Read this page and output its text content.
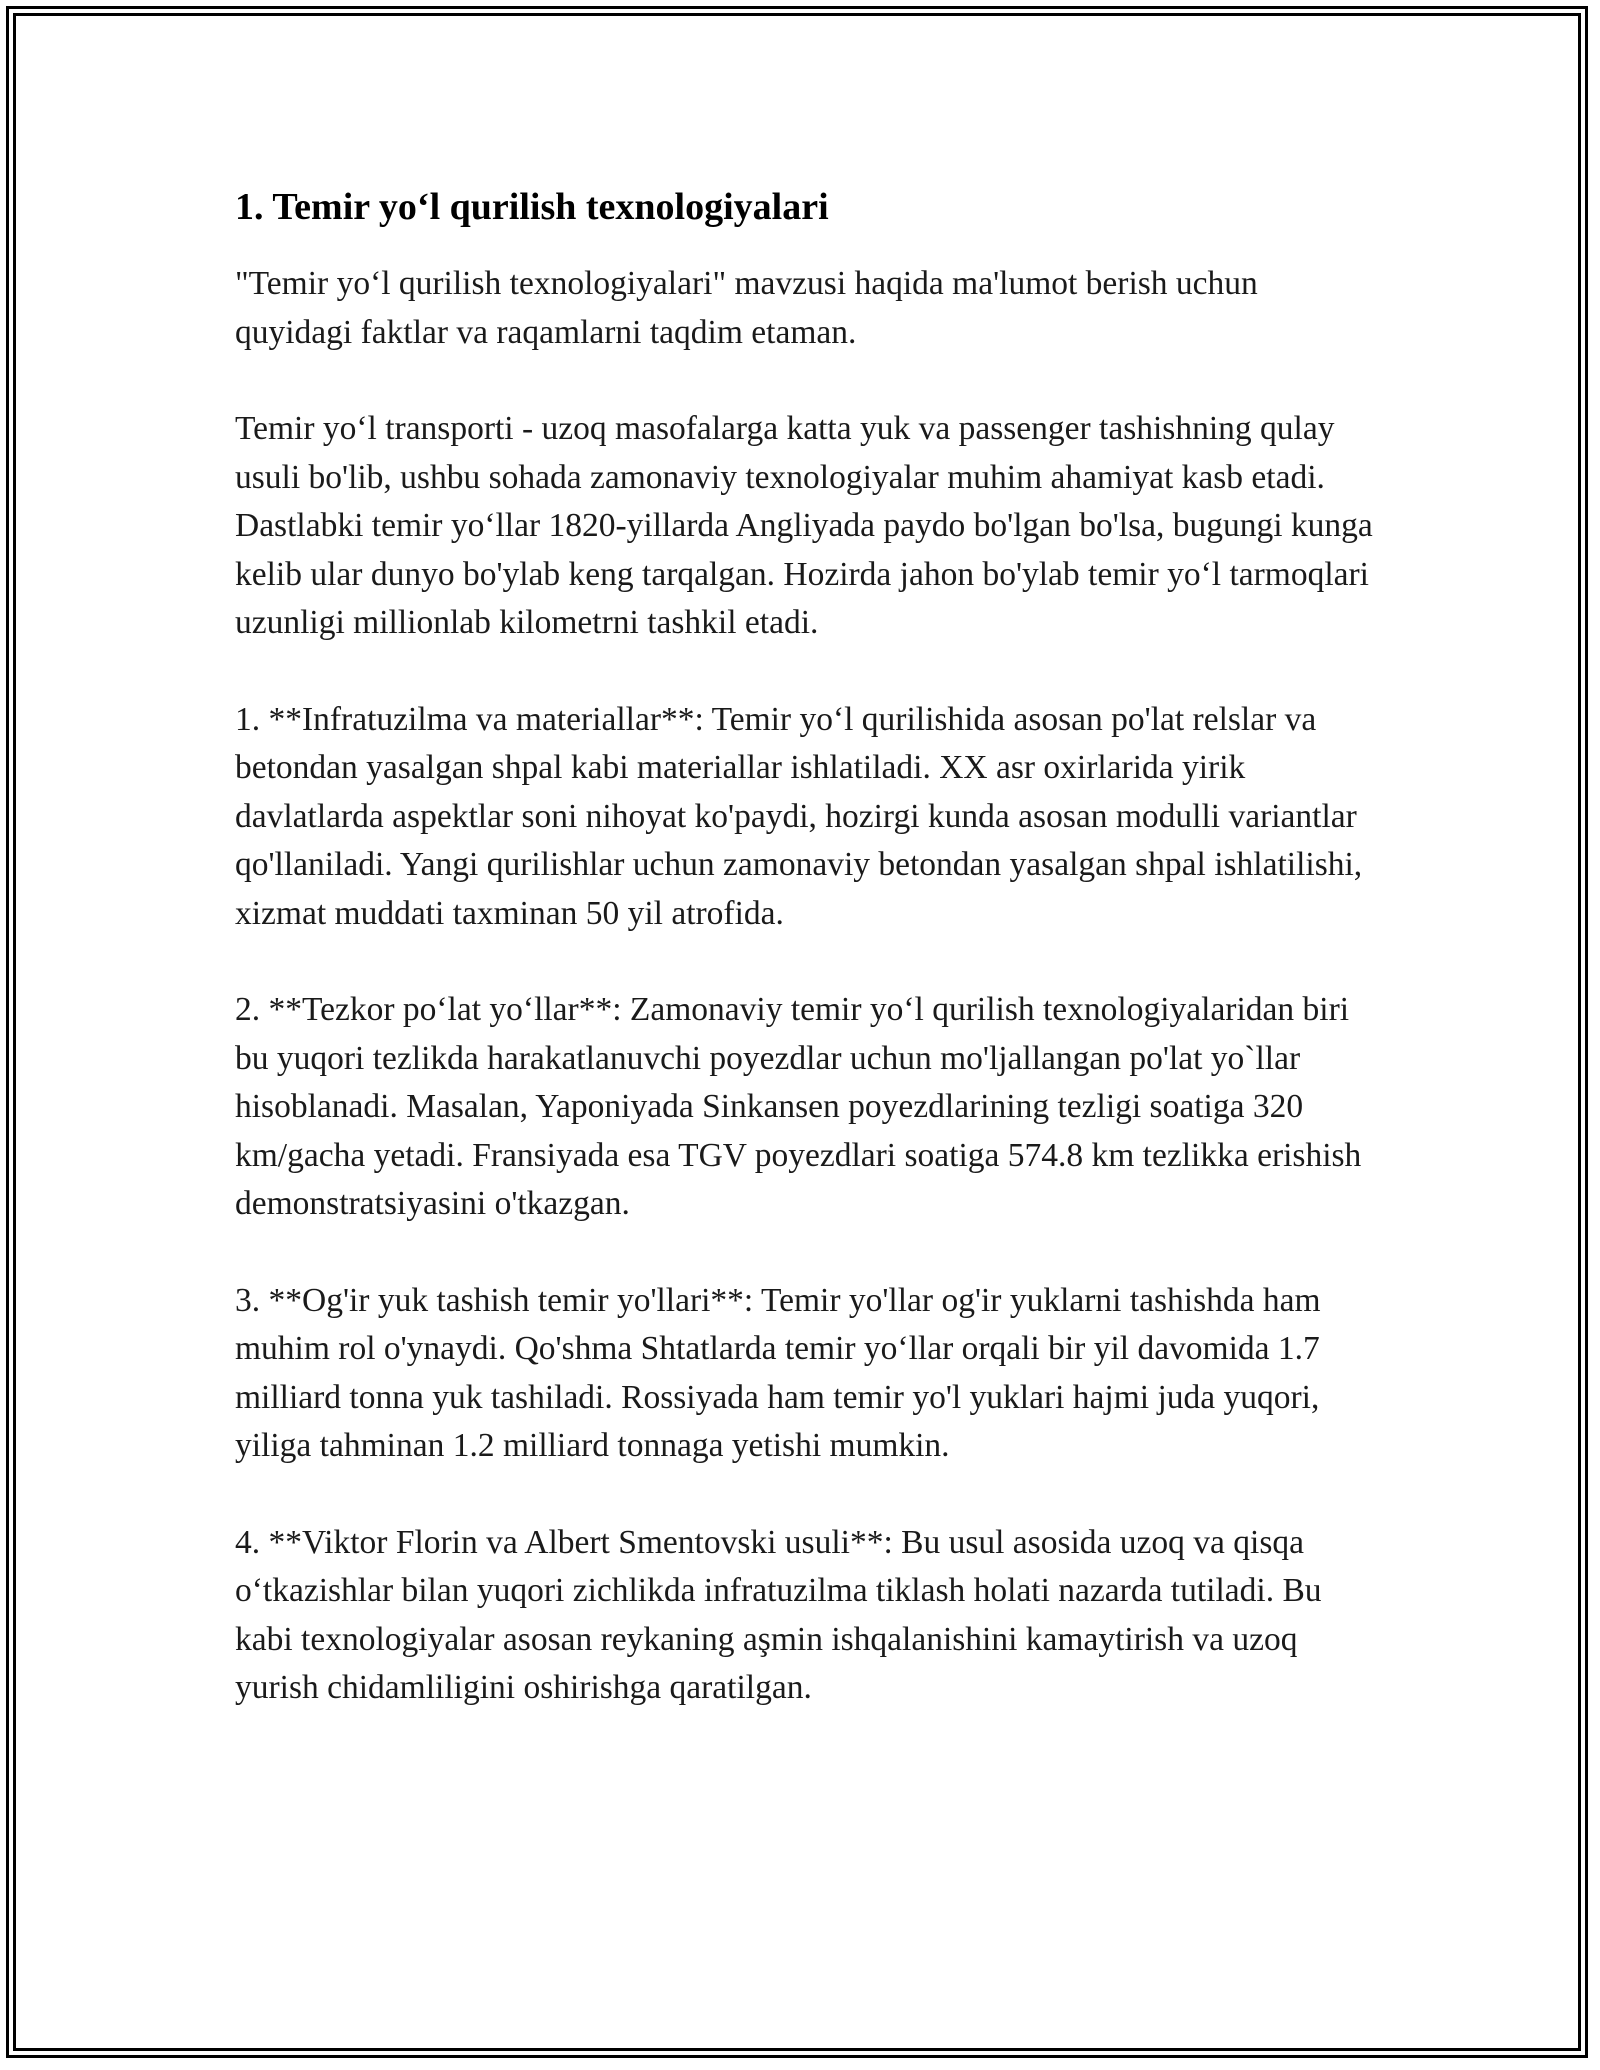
1. Temir yo‘l qurilish texnologiyalari

"Temir yo‘l qurilish texnologiyalari" mavzusi haqida ma'lumot berish uchun quyidagi faktlar va raqamlarni taqdim etaman.

Temir yo‘l transporti - uzoq masofalarga katta yuk va passenger tashishning qulay usuli bo'lib, ushbu sohada zamonaviy texnologiyalar muhim ahamiyat kasb etadi. Dastlabki temir yo‘llar 1820-yillarda Angliyada paydo bo'lgan bo'lsa, bugungi kunga kelib ular dunyo bo'ylab keng tarqalgan. Hozirda jahon bo'ylab temir yo‘l tarmoqlari uzunligi millionlab kilometrni tashkil etadi.

1. **Infratuzilma va materiallar**: Temir yo‘l qurilishida asosan po'lat relslar va betondan yasalgan shpal kabi materiallar ishlatiladi. XX asr oxirlarida yirik davlatlarda aspektlar soni nihoyat ko'paydi, hozirgi kunda asosan modulli variantlar qo'llaniladi. Yangi qurilishlar uchun zamonaviy betondan yasalgan shpal ishlatilishi, xizmat muddati taxminan 50 yil atrofida.

2. **Tezkor po‘lat yo‘llar**: Zamonaviy temir yo‘l qurilish texnologiyalaridan biri bu yuqori tezlikda harakatlanuvchi poyezdlar uchun mo'ljallangan po'lat yo`llar hisoblanadi. Masalan, Yaponiyada Sinkansen poyezdlarining tezligi soatiga 320 km/gacha yetadi. Fransiyada esa TGV poyezdlari soatiga 574.8 km tezlikka erishish demonstratsiyasini o'tkazgan.

3. **Og'ir yuk tashish temir yo'llari**: Temir yo'llar og'ir yuklarni tashishda ham muhim rol o'ynaydi. Qo'shma Shtatlarda temir yo‘llar orqali bir yil davomida 1.7 milliard tonna yuk tashiladi. Rossiyada ham temir yo'l yuklari hajmi juda yuqori, yiliga tahminan 1.2 milliard tonnaga yetishi mumkin.

4. **Viktor Florin va Albert Smentovski usuli**: Bu usul asosida uzoq va qisqa o‘tkazishlar bilan yuqori zichlikda infratuzilma tiklash holati nazarda tutiladi. Bu kabi texnologiyalar asosan reykaning aşmin ishqalanishini kamaytirish va uzoq yurish chidamliligini oshirishga qaratilgan.
